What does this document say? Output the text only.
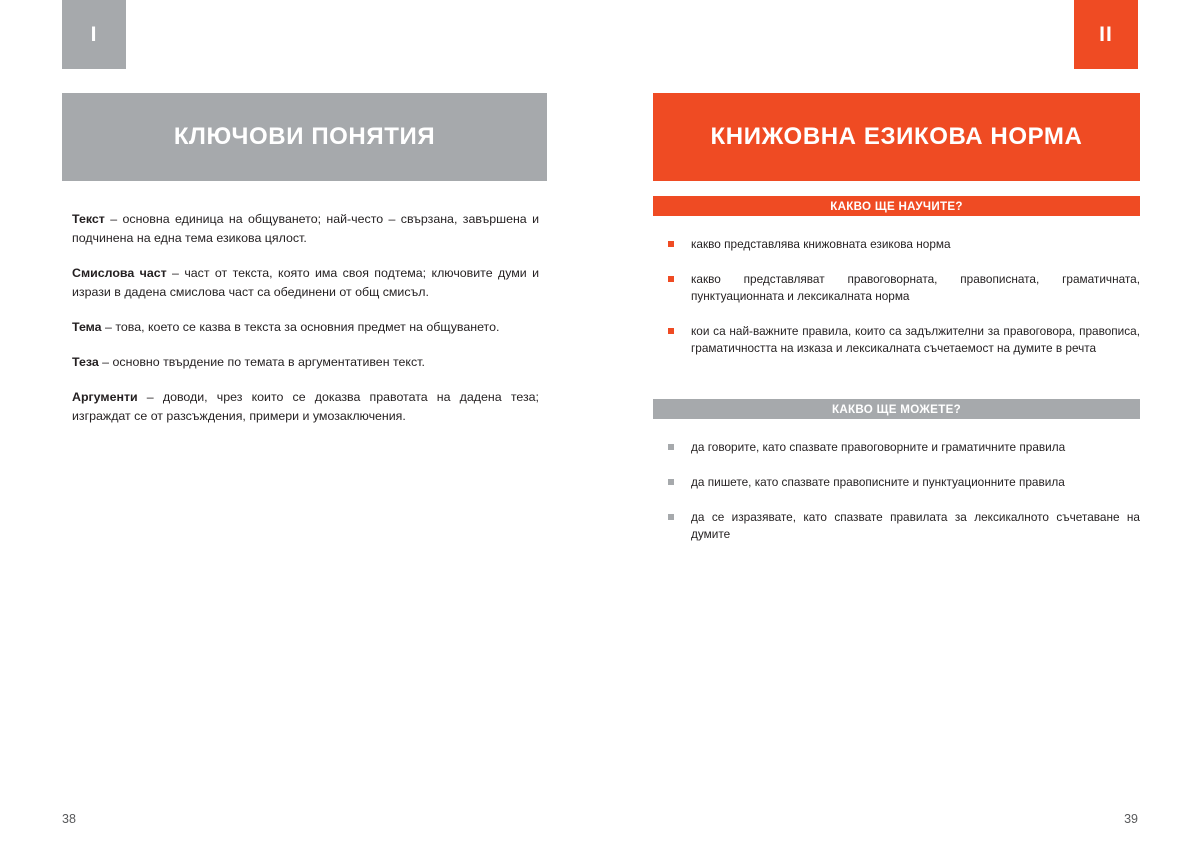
I
КЛЮЧОВИ ПОНЯТИЯ

Текст – основна единица на общуването; най-често – свързана, завършена и подчинена на една тема езикова цялост.

Смислова част – част от текста, която има своя подтема; ключовите думи и изрази в дадена смислова част са обединени от общ смисъл.

Тема – това, което се казва в текста за основния предмет на общуването.

Теза – основно твърдение по темата в аргументативен текст.

Аргументи – доводи, чрез които се доказва правотата на дадена теза; изграждат се от разсъждения, примери и умозаключения.

38
II
КНИЖОВНА ЕЗИКОВА НОРМА
КАКВО ЩЕ НАУЧИТЕ?
какво представлява книжовната езикова норма
какво представляват правоговорната, правописната, граматичната, пунктуационната и лексикалната норма
кои са най-важните правила, които са задължителни за правоговора, правописа, граматичността на изказа и лексикалната съчетаемост на думите в речта
КАКВО ЩЕ МОЖЕТЕ?
да говорите, като спазвате правоговорните и граматичните правила
да пишете, като спазвате правописните и пунктуационните правила
да се изразявате, като спазвате правилата за лексикалното съчетаване на думите
39
